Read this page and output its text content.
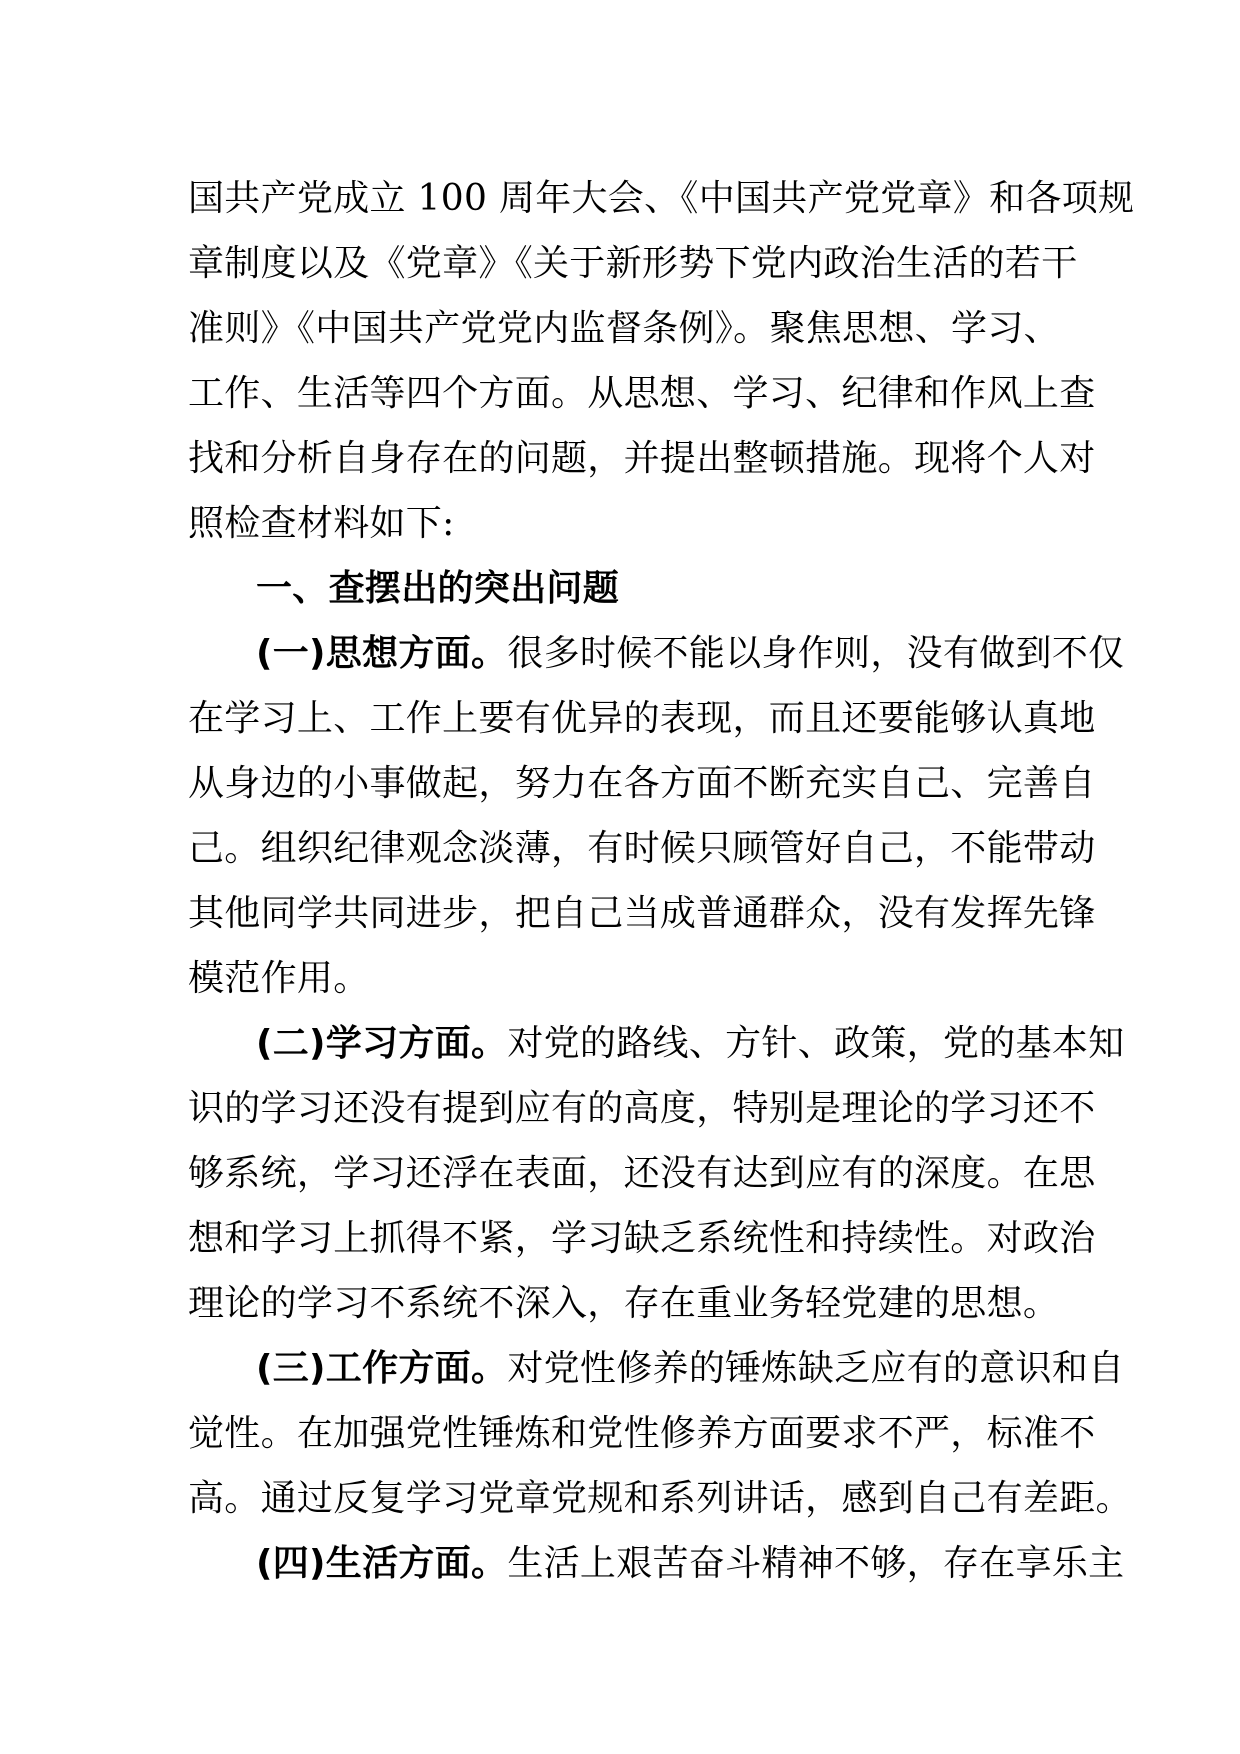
国共产党成立 100 周年大会、《中国共产党党章》和各项规
章制度以及《党章》《关于新形势下党内政治生活的若干
准则》《中国共产党党内监督条例》。聚焦思想、学习、
工作、生活等四个方面。从思想、学习、纪律和作风上查
找和分析自身存在的问题，并提出整顿措施。现将个人对
照检查材料如下:
一、查摆出的突出问题
(一)思想方面。很多时候不能以身作则，没有做到不仅
在学习上、工作上要有优异的表现，而且还要能够认真地
从身边的小事做起，努力在各方面不断充实自己、完善自
己。组织纪律观念淡薄，有时候只顾管好自己，不能带动
其他同学共同进步，把自己当成普通群众，没有发挥先锋
模范作用。
(二)学习方面。对党的路线、方针、政策，党的基本知
识的学习还没有提到应有的高度，特别是理论的学习还不
够系统，学习还浮在表面，还没有达到应有的深度。在思
想和学习上抓得不紧，学习缺乏系统性和持续性。对政治
理论的学习不系统不深入，存在重业务轻党建的思想。
(三)工作方面。对党性修养的锤炼缺乏应有的意识和自
觉性。在加强党性锤炼和党性修养方面要求不严，标准不
高。通过反复学习党章党规和系列讲话，感到自己有差距。
(四)生活方面。生活上艰苦奋斗精神不够，存在享乐主
